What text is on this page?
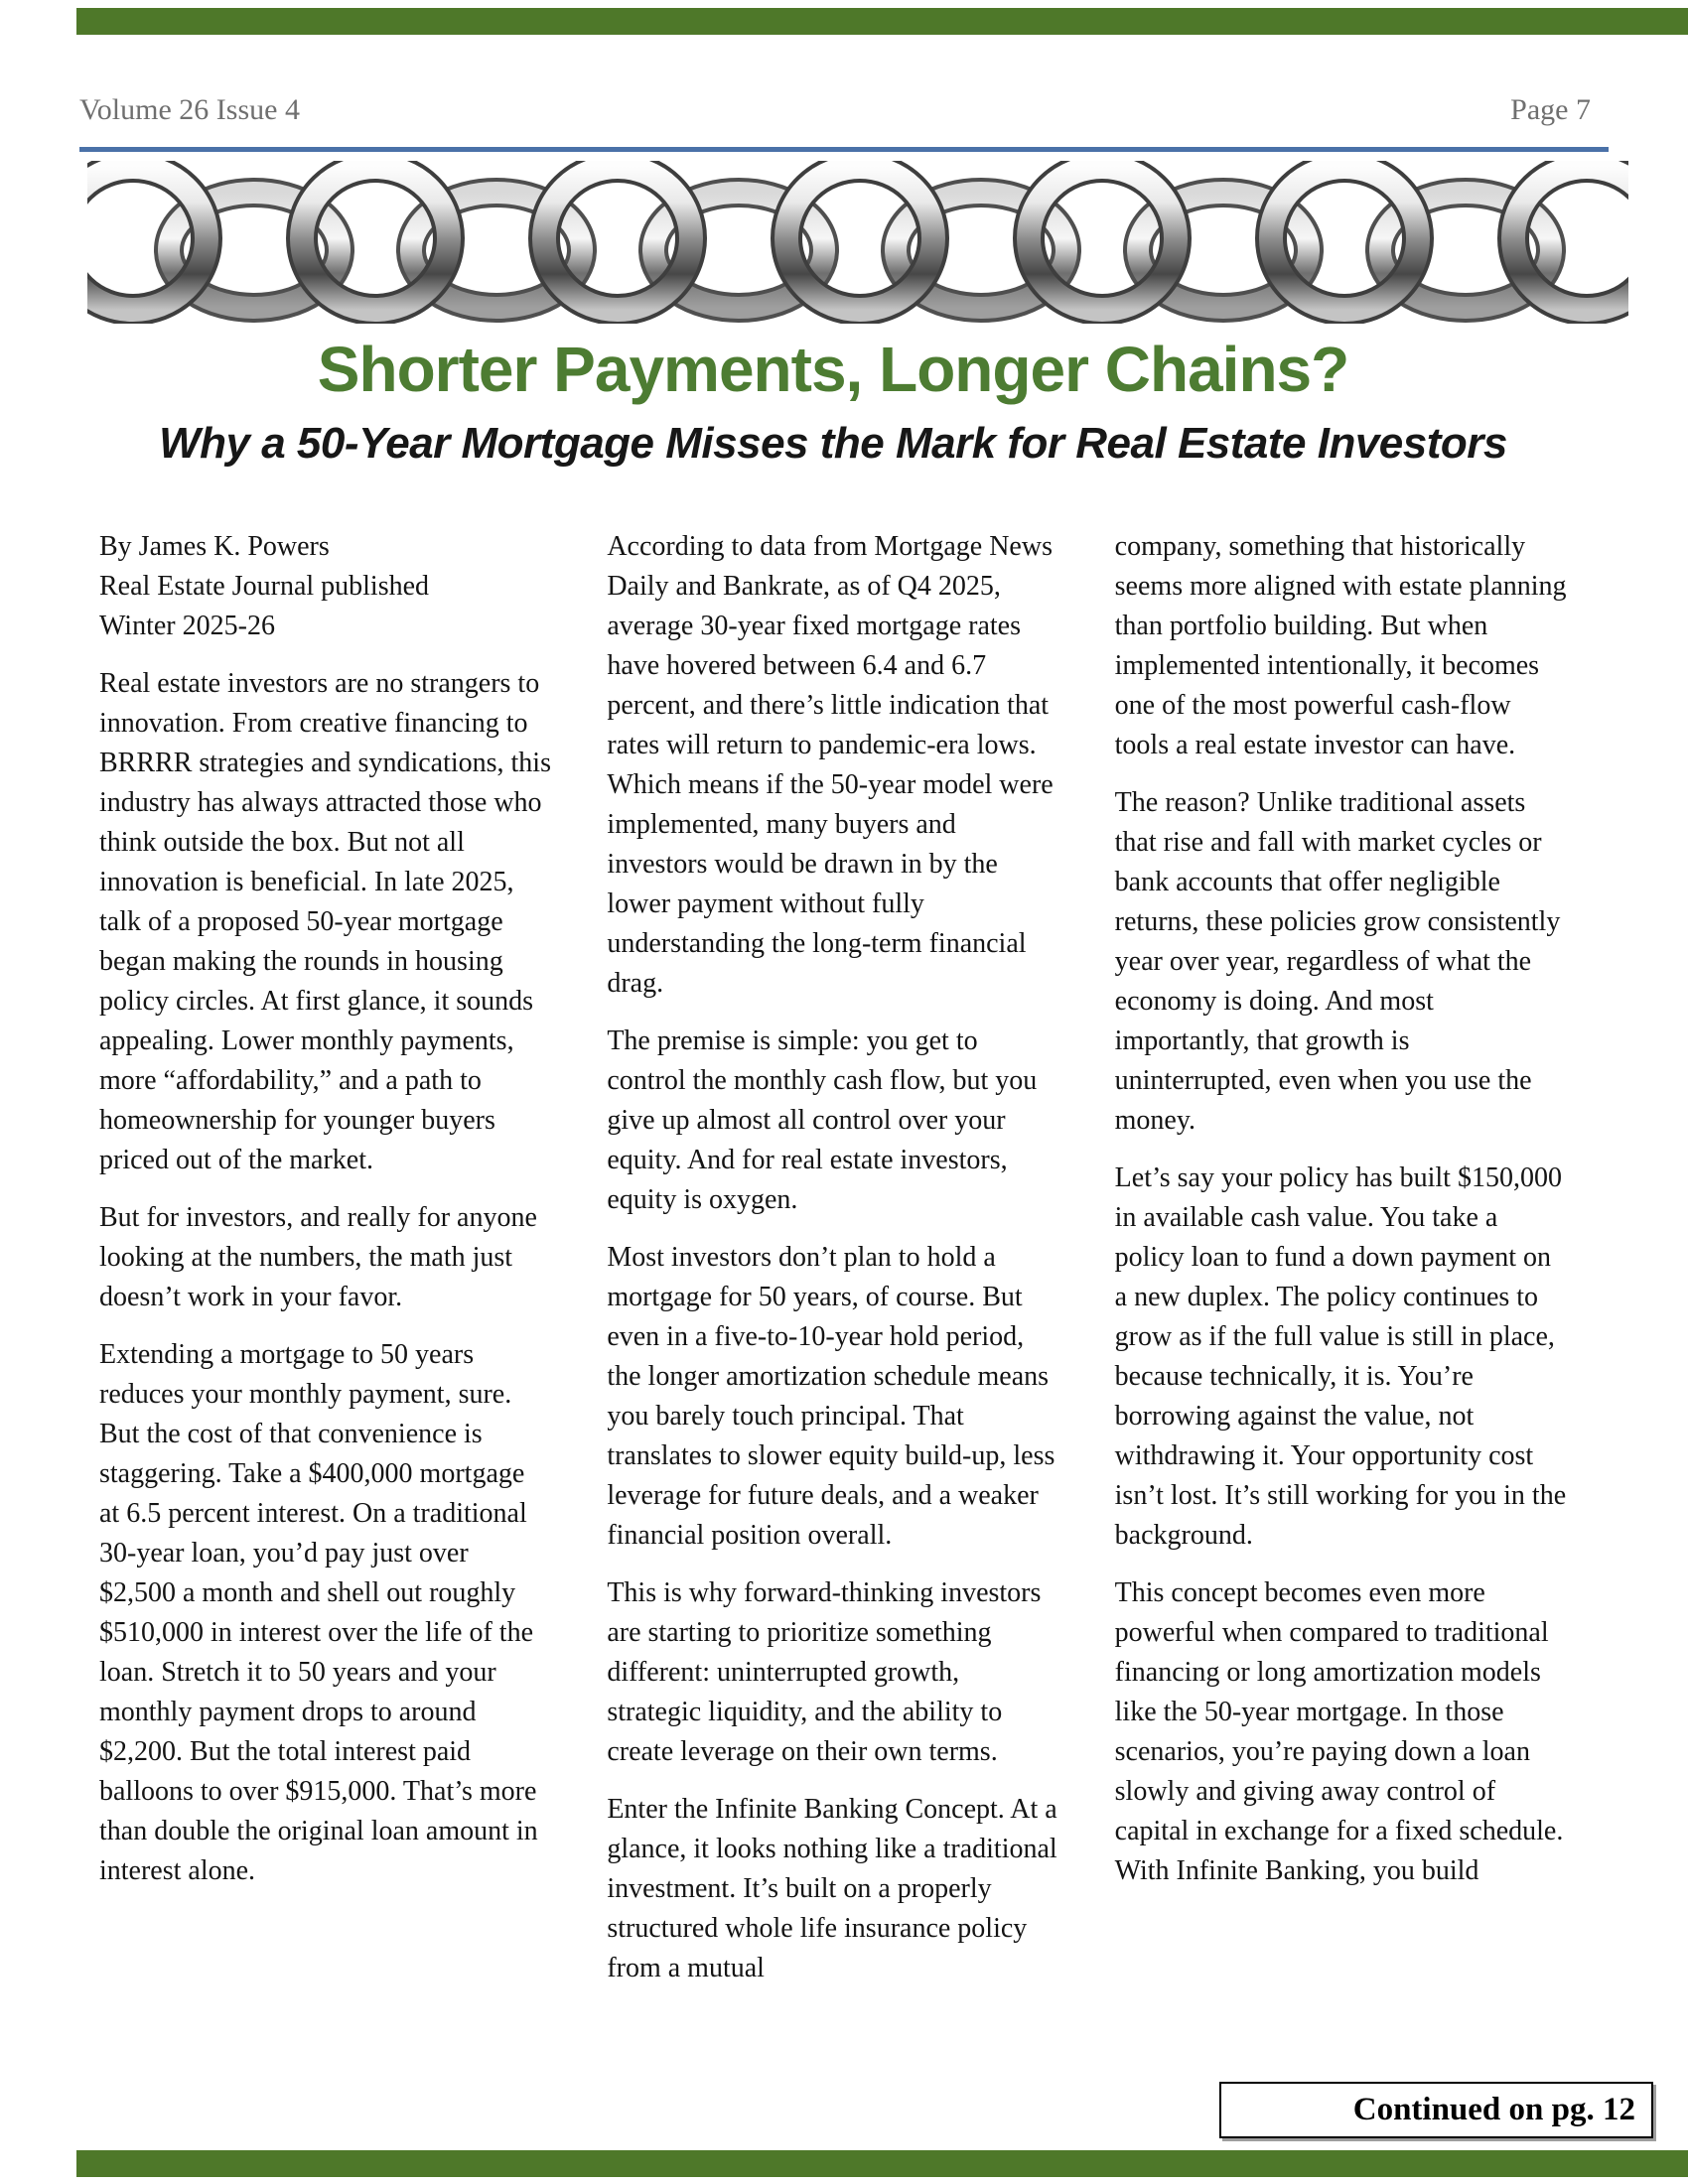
Volume 26 Issue 4	Page 7
Shorter Payments, Longer Chains?
Why a 50-Year Mortgage Misses the Mark for Real Estate Investors

By James K. Powers
Real Estate Journal published
Winter 2025-26

Real estate investors are no strangers to innovation. From creative financing to BRRRR strategies and syndications, this industry has always attracted those who think outside the box. But not all innovation is beneficial. In late 2025, talk of a proposed 50-year mortgage began making the rounds in housing policy circles. At first glance, it sounds appealing. Lower monthly payments, more “affordability,” and a path to homeownership for younger buyers priced out of the market.

But for investors, and really for anyone looking at the numbers, the math just doesn’t work in your favor.

Extending a mortgage to 50 years reduces your monthly payment, sure. But the cost of that convenience is staggering. Take a $400,000 mortgage at 6.5 percent interest. On a traditional 30-year loan, you’d pay just over $2,500 a month and shell out roughly $510,000 in interest over the life of the loan. Stretch it to 50 years and your monthly payment drops to around $2,200. But the total interest paid balloons to over $915,000. That’s more than double the original loan amount in interest alone.

According to data from Mortgage News Daily and Bankrate, as of Q4 2025, average 30-year fixed mortgage rates have hovered between 6.4 and 6.7 percent, and there’s little indication that rates will return to pandemic-era lows. Which means if the 50-year model were implemented, many buyers and investors would be drawn in by the lower payment without fully understanding the long-term financial drag.

The premise is simple: you get to control the monthly cash flow, but you give up almost all control over your equity. And for real estate investors, equity is oxygen.

Most investors don’t plan to hold a mortgage for 50 years, of course. But even in a five-to-10-year hold period, the longer amortization schedule means you barely touch principal. That translates to slower equity build-up, less leverage for future deals, and a weaker financial position overall.

This is why forward-thinking investors are starting to prioritize something different: uninterrupted growth, strategic liquidity, and the ability to create leverage on their own terms.

Enter the Infinite Banking Concept. At a glance, it looks nothing like a traditional investment. It’s built on a properly structured whole life insurance policy from a mutual

company, something that historically seems more aligned with estate planning than portfolio building. But when implemented intentionally, it becomes one of the most powerful cash-flow tools a real estate investor can have.

The reason? Unlike traditional assets that rise and fall with market cycles or bank accounts that offer negligible returns, these policies grow consistently year over year, regardless of what the economy is doing. And most importantly, that growth is uninterrupted, even when you use the money.

Let’s say your policy has built $150,000 in available cash value. You take a policy loan to fund a down payment on a new duplex. The policy continues to grow as if the full value is still in place, because technically, it is. You’re borrowing against the value, not withdrawing it. Your opportunity cost isn’t lost. It’s still working for you in the background.

This concept becomes even more powerful when compared to traditional financing or long amortization models like the 50-year mortgage. In those scenarios, you’re paying down a loan slowly and giving away control of capital in exchange for a fixed schedule. With Infinite Banking, you build

Continued on pg. 12
